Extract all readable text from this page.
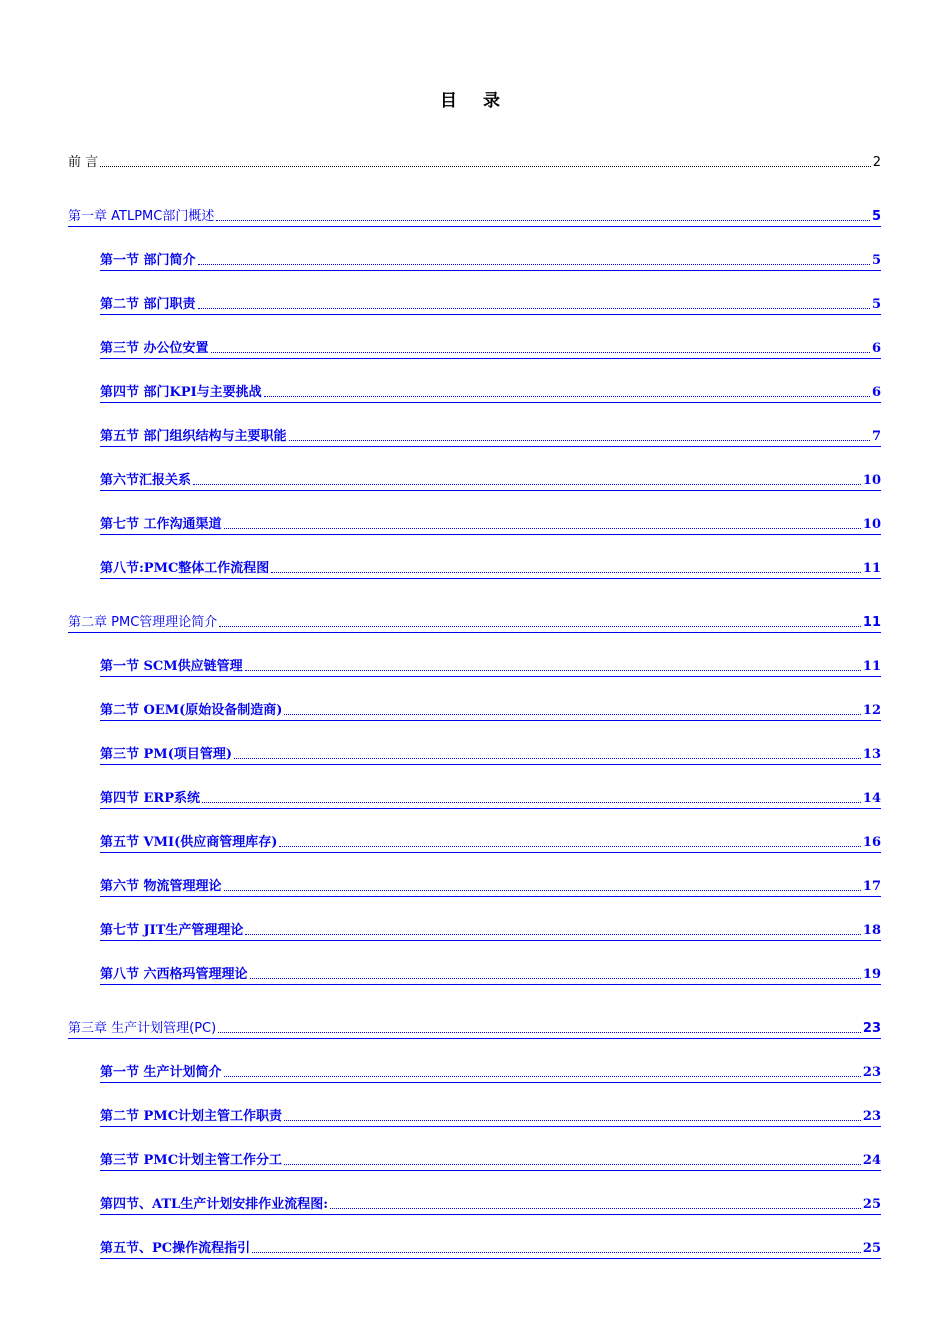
目 录
前 言	2
第一章 ATLPMC部门概述	5
第一节 部门简介	5
第二节 部门职责	5
第三节 办公位安置	6
第四节 部门KPI与主要挑战	6
第五节 部门组织结构与主要职能	7
第六节汇报关系	10
第七节 工作沟通渠道	10
第八节:PMC整体工作流程图	11
第二章 PMC管理理论简介	11
第一节 SCM供应链管理	11
第二节 OEM(原始设备制造商)	12
第三节 PM(项目管理)	13
第四节 ERP系统	14
第五节 VMI(供应商管理库存)	16
第六节 物流管理理论	17
第七节 JIT生产管理理论	18
第八节 六西格玛管理理论	19
第三章 生产计划管理(PC)	23
第一节 生产计划简介	23
第二节 PMC计划主管工作职责	23
第三节 PMC计划主管工作分工	24
第四节、ATL生产计划安排作业流程图:	25
第五节、PC操作流程指引	25
